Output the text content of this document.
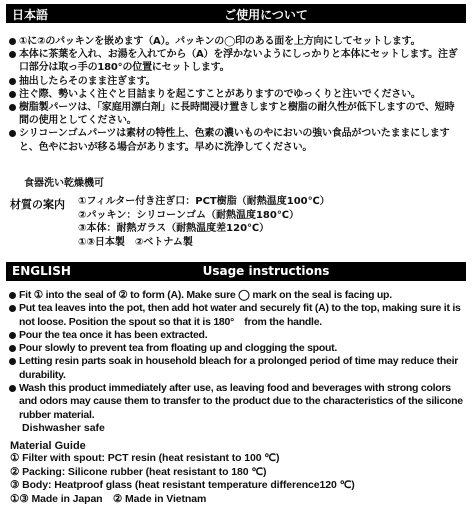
日本語	ご使用について
①に②のパッキンを嵌めます（A）。パッキンの◯印のある面を上方向にしてセットします。
本体に茶葉を入れ、お湯を入れてから（A）を浮かないようにしっかりと本体にセットします。注ぎ口部分は取っ手の180°の位置にセットします。
抽出したらそのまま注ぎます。
注ぐ際、勢いよく注ぐと目詰まりを起こすことがありますのでゆっくりと注いでください。
樹脂製パーツは、「家庭用漂白剤」に長時間浸け置きしますと樹脂の耐久性が低下しますので、短時間の使用としてください。
シリコーンゴムパーツは素材の特性上、色素の濃いものやにおいの強い食品がついたままにしますと、色やにおいが移る場合があります。早めに洗浄してください。
食器洗い乾燥機可
材質の案内 ①フィルター付き注ぎ口：PCT樹脂（耐熱温度100℃）
②パッキン：シリコーンゴム（耐熱温度180℃）
③本体：耐熱ガラス（耐熱温度差120℃）
①③日本製　②ベトナム製
ENGLISH	Usage instructions
Fit ① into the seal of ② to form (A). Make sure ◯ mark on the seal is facing up.
Put tea leaves into the pot, then add hot water and securely fit (A) to the top, making sure it is not loose. Position the spout so that it is 180°　from the handle.
Pour the tea once it has been extracted.
Pour slowly to prevent tea from floating up and clogging the spout.
Letting resin parts soak in household bleach for a prolonged period of time may reduce their durability.
Wash this product immediately after use, as leaving food and beverages with strong colors and odors may cause them to transfer to the product due to the characteristics of the silicone rubber material.
Dishwasher safe
Material Guide
① Filter with spout: PCT resin (heat resistant to 100 ℃)
② Packing: Silicone rubber (heat resistant to 180 ℃)
③ Body: Heatproof glass (heat resistant temperature difference120 ℃)
①③ Made in Japan　② Made in Vietnam
